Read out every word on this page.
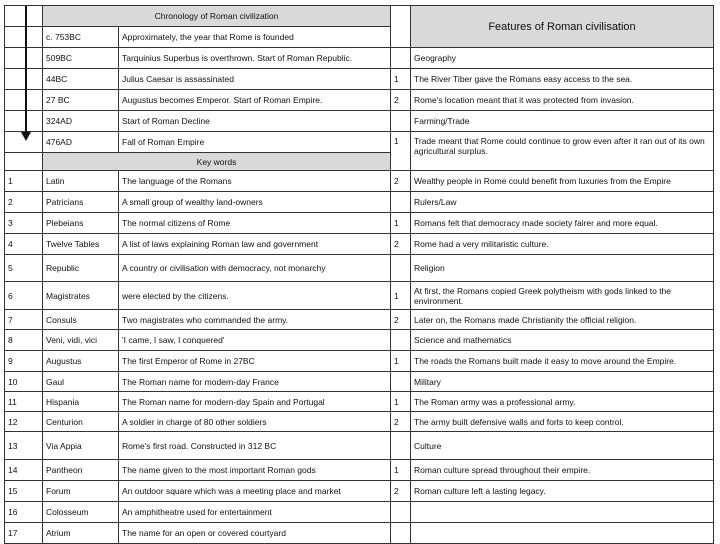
	Chronology of Roman civilization	
	c. 753BC	Approximately, the year that Rome is founded
	509BC	Tarquinius Superbus is overthrown. Start of Roman Republic.
	44BC	Julius Caesar is assassinated
	27 BC	Augustus becomes Emperor. Start of Roman Empire.
	324AD	Start of Roman Decline
	476AD	Fall of Roman Empire
	Key words	
1	Latin	The language of the Romans
2	Patricians	A small group of wealthy land-owners
3	Plebeians	The normal citizens of Rome
4	Twelve Tables	A list of laws explaining Roman law and government
5	Republic	A country or civilisation with democracy, not monarchy
6	Magistrates	were elected by the citizens.
7	Consuls	Two magistrates who commanded the army.
8	Veni, vidi, vici	'I came, I saw, I conquered'
9	Augustus	The first Emperor of Rome in 27BC
10	Gaul	The Roman name for modern-day France
11	Hispania	The Roman name for modern-day Spain and Portugal
12	Centurion	A soldier in charge of 80 other soldiers
13	Via Appia	Rome's first road. Constructed in 312 BC
14	Pantheon	The name given to the most important Roman gods
15	Forum	An outdoor square which was a meeting place and market
16	Colosseum	An amphitheatre used for entertainment
17	Atrium	The name for an open or covered courtyard
	Features of Roman civilisation
	Geography
1	The River Tiber gave the Romans easy access to the sea.
2	Rome's location meant that it was protected from invasion.
	Farming/Trade
1	Trade meant that Rome could continue to grow even after it ran out of its own agricultural surplus.
2	Wealthy people in Rome could benefit from luxuries from the Empire
	Rulers/Law
1	Romans felt that democracy made society fairer and more equal.
2	Rome had a very militaristic culture.
	Religion
1	At first, the Romans copied Greek polytheism with gods linked to the environment.
2	Later on, the Romans made Christianity the official religion.
	Science and mathematics
1	The roads the Romans built made it easy to move around the Empire.
	Military
1	The Roman army was a professional army.
2	The army built defensive walls and forts to keep control.
	Culture
1	Roman culture spread throughout their empire.
2	Roman culture left a lasting legacy.
